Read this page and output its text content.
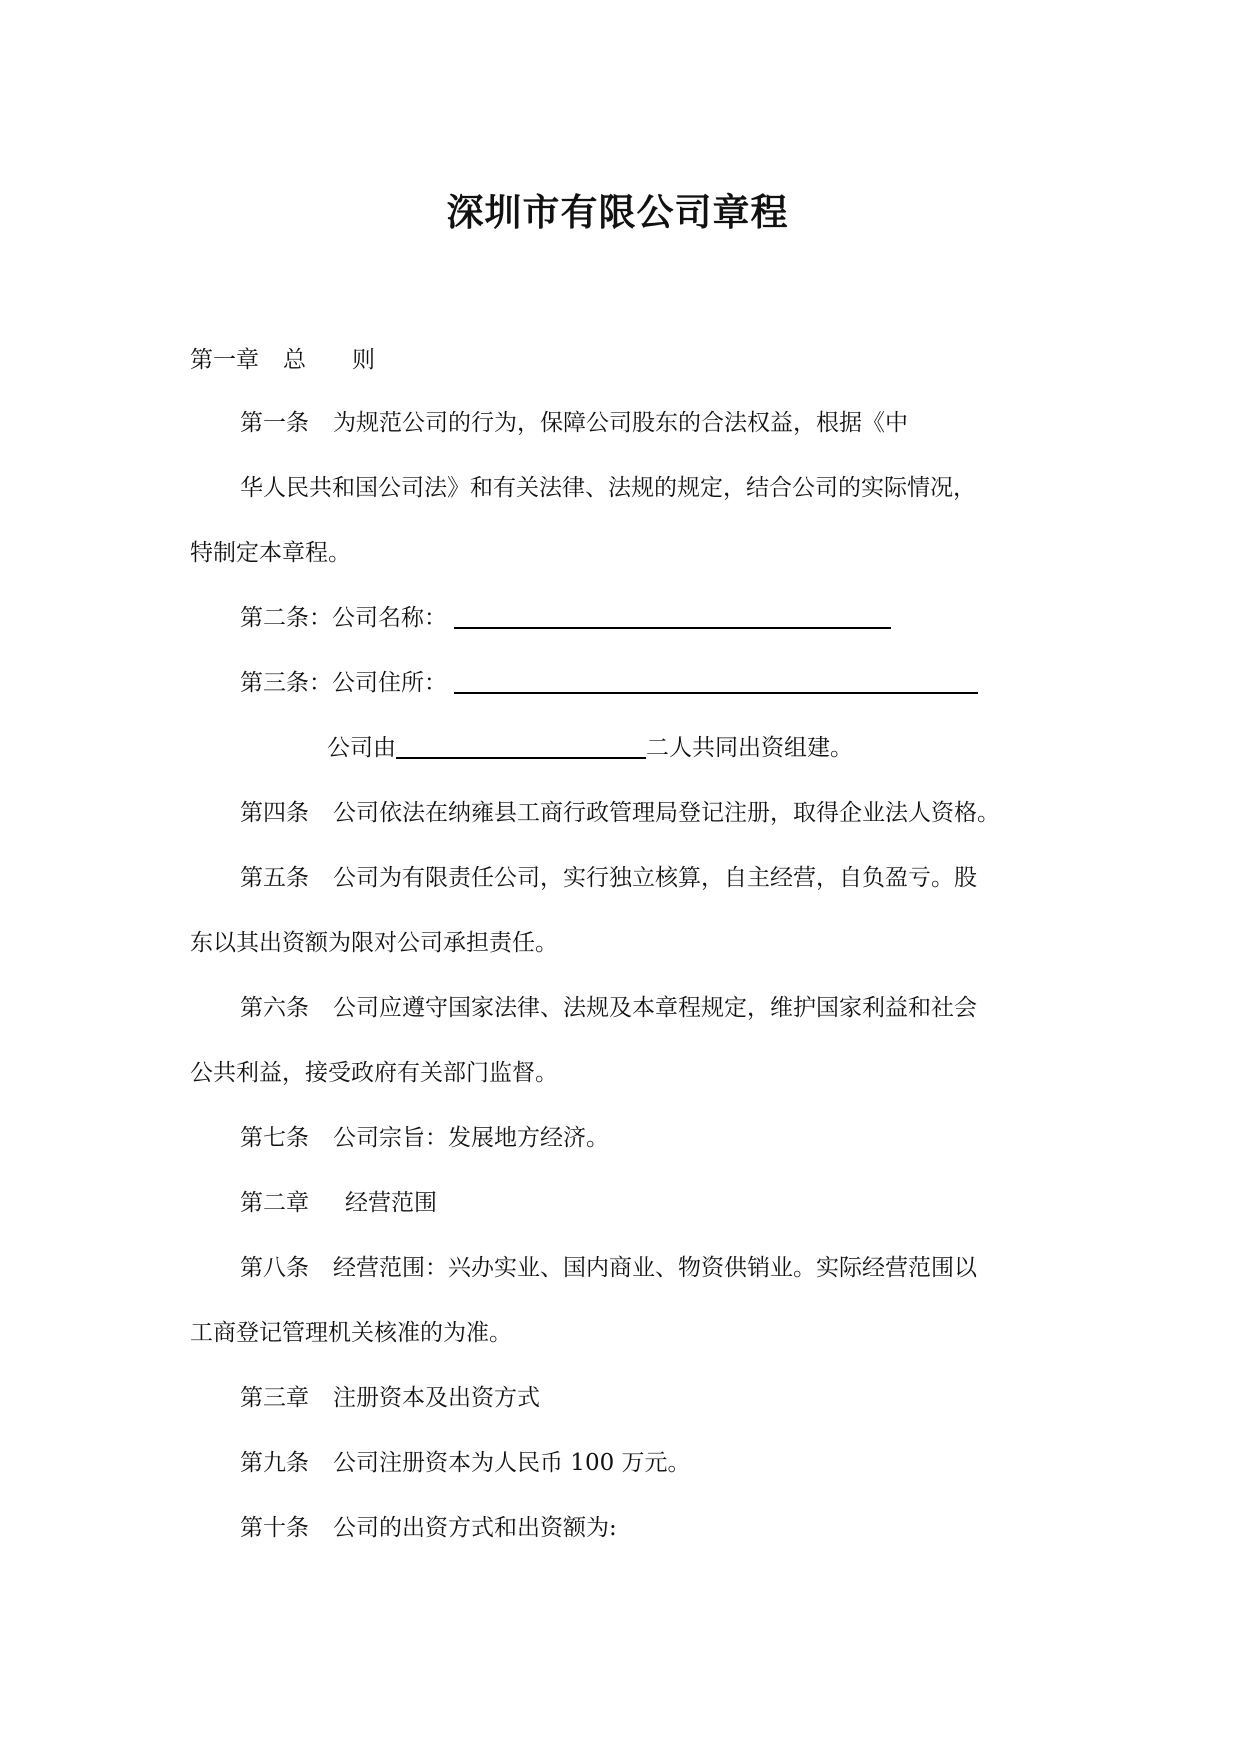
深圳市有限公司章程
第一章 总 则
第一条 为规范公司的行为，保障公司股东的合法权益，根据《中
华人民共和国公司法》和有关法律、法规的规定，结合公司的实际情况，
特制定本章程。
第二条：公司名称：
第三条：公司住所：
公司由	二人共同出资组建。
第四条 公司依法在纳雍县工商行政管理局登记注册，取得企业法人资格。
第五条 公司为有限责任公司，实行独立核算，自主经营，自负盈亏。股
东以其出资额为限对公司承担责任。
第六条 公司应遵守国家法律、法规及本章程规定，维护国家利益和社会
公共利益，接受政府有关部门监督。
第七条 公司宗旨：发展地方经济。
第二章 经营范围
第八条 经营范围：兴办实业、国内商业、物资供销业。实际经营范围以
工商登记管理机关核准的为准。
第三章 注册资本及出资方式
第九条 公司注册资本为人民币 100 万元。
第十条 公司的出资方式和出资额为:
